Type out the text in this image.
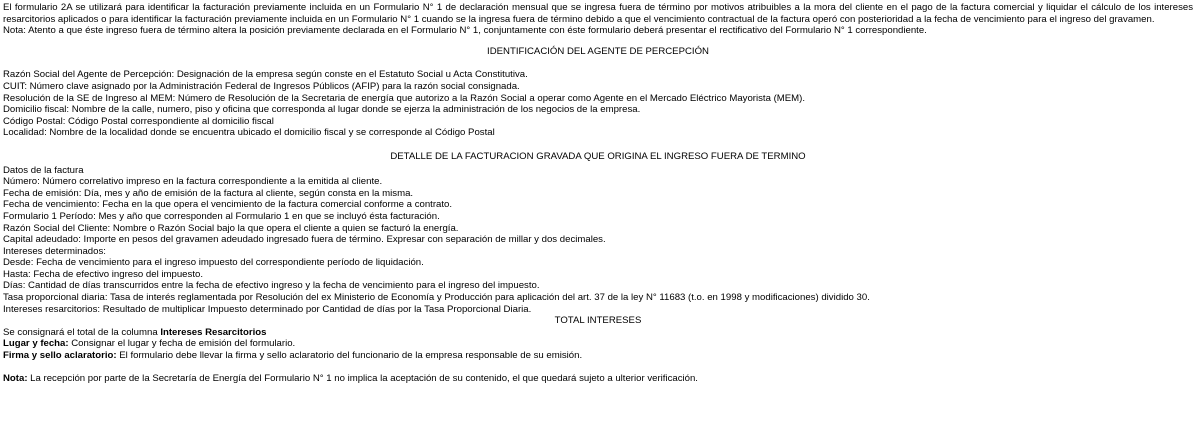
El formulario 2A se utilizará para identificar la facturación previamente incluida en un Formulario N° 1 de declaración mensual que se ingresa fuera de término por motivos atribuibles a la mora del cliente en el pago de la factura comercial y liquidar el cálculo de los intereses resarcitorios aplicados o para identificar la facturación previamente incluida en un Formulario N° 1 cuando se la ingresa fuera de término debido a que el vencimiento contractual de la factura operó con posterioridad a la fecha de vencimiento para el ingreso del gravamen.

Nota: Atento a que éste ingreso fuera de término altera la posición previamente declarada en el Formulario N° 1, conjuntamente con éste formulario deberá presentar el rectificativo del Formulario N° 1 correspondiente.

IDENTIFICACIÓN DEL AGENTE DE PERCEPCIÓN

Razón Social del Agente de Percepción: Designación de la empresa según conste en el Estatuto Social u Acta Constitutiva.

CUIT: Número clave asignado por la Administración Federal de Ingresos Públicos (AFIP) para la razón social consignada.

Resolución de la SE de Ingreso al MEM: Número de Resolución de la Secretaria de energía que autorizo a la Razón Social a operar como Agente en el Mercado Eléctrico Mayorista (MEM).

Domicilio fiscal: Nombre de la calle, numero, piso y oficina que corresponda al lugar donde se ejerza la administración de los negocios de la empresa.

Código Postal: Código Postal correspondiente al domicilio fiscal

Localidad: Nombre de la localidad donde se encuentra ubicado el domicilio fiscal y se corresponde al Código Postal

DETALLE DE LA FACTURACION GRAVADA QUE ORIGINA EL INGRESO FUERA DE TERMINO

Datos de la factura

Número: Número correlativo impreso en la factura correspondiente a la emitida al cliente.

Fecha de emisión: Día, mes y año de emisión de la factura al cliente, según consta en la misma.

Fecha de vencimiento: Fecha en la que opera el vencimiento de la factura comercial conforme a contrato.

Formulario 1 Período: Mes y año que corresponden al Formulario 1 en que se incluyó ésta facturación.

Razón Social del Cliente: Nombre o Razón Social bajo la que opera el cliente a quien se facturó la energía.

Capital adeudado: Importe en pesos del gravamen adeudado ingresado fuera de término. Expresar con separación de millar y dos decimales.

Intereses determinados:

Desde: Fecha de vencimiento para el ingreso impuesto del correspondiente período de liquidación.

Hasta: Fecha de efectivo ingreso del impuesto.

Días: Cantidad de días transcurridos entre la fecha de efectivo ingreso y la fecha de vencimiento para el ingreso del impuesto.

Tasa proporcional diaria: Tasa de interés reglamentada por Resolución del ex Ministerio de Economía y Producción para aplicación del art. 37 de la ley N° 11683 (t.o. en 1998 y modificaciones) dividido 30.

Intereses resarcitorios: Resultado de multiplicar Impuesto determinado por Cantidad de días por la Tasa Proporcional Diaria.

TOTAL INTERESES

Se consignará el total de la columna Intereses Resarcitorios

Lugar y fecha: Consignar el lugar y fecha de emisión del formulario.

Firma y sello aclaratorio: El formulario debe llevar la firma y sello aclaratorio del funcionario de la empresa responsable de su emisión.

Nota: La recepción por parte de la Secretaría de Energía del Formulario N° 1 no implica la aceptación de su contenido, el que quedará sujeto a ulterior verificación.
